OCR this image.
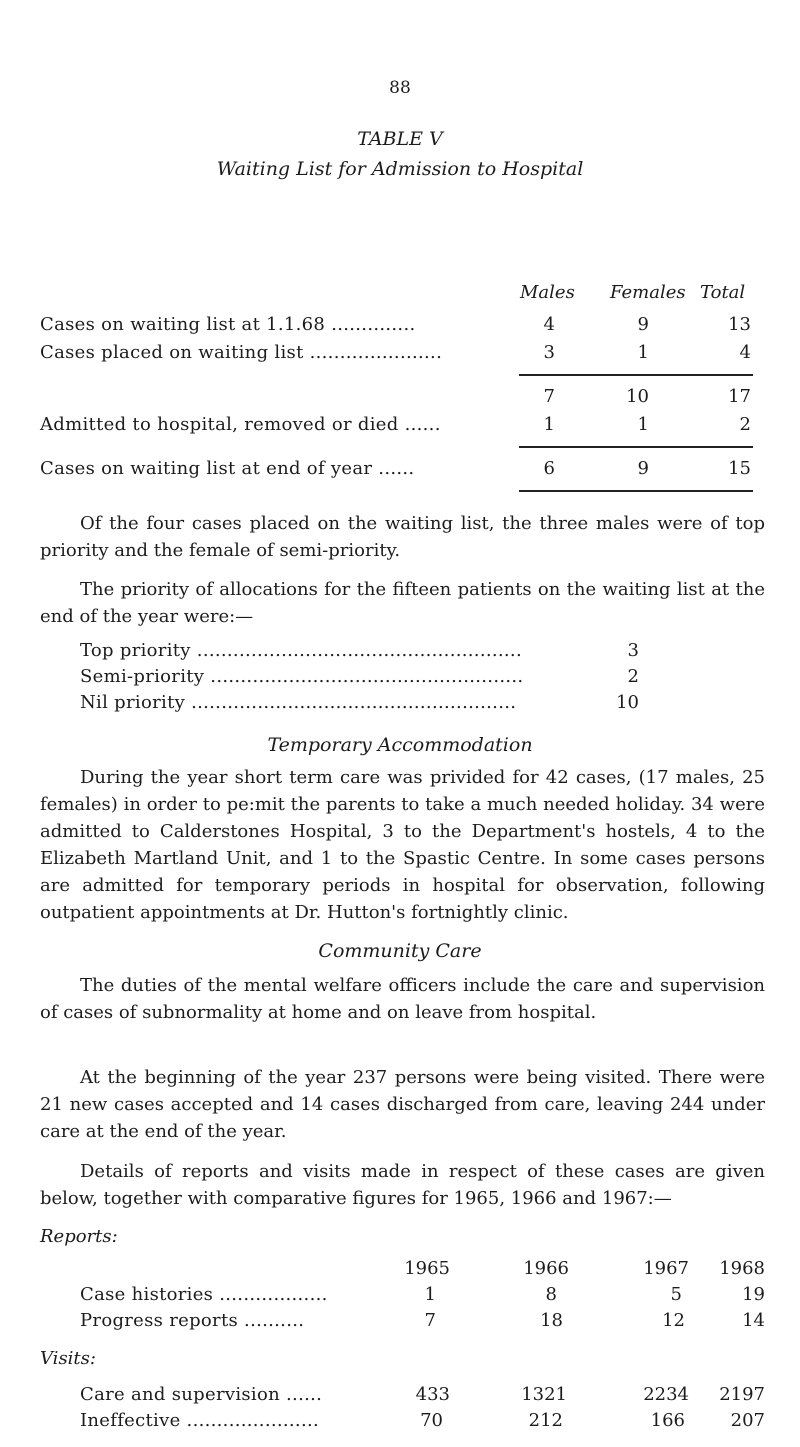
88
TABLE V
Waiting List for Admission to Hospital
Males Females Total
Cases on waiting list at 1.1.68 ..............	4	9	13
Cases placed on waiting list ......................	3	1	4
7	10	17
Admitted to hospital, removed or died ......	1	1	2
Cases on waiting list at end of year ......	6	9	15

Of the four cases placed on the waiting list, the three males were of top priority and the female of semi-priority.

The priority of allocations for the fifteen patients on the waiting list at the end of the year were:—

Top priority ......................................................	3
Semi-priority ....................................................	2
Nil priority ......................................................	10
Temporary Accommodation

During the year short term care was privided for 42 cases, (17 males, 25 females) in order to pe:mit the parents to take a much needed holiday. 34 were admitted to Calderstones Hospital, 3 to the Department's hostels, 4 to the Elizabeth Martland Unit, and 1 to the Spastic Centre. In some cases persons are admitted for temporary periods in hospital for observation, following outpatient appointments at Dr. Hutton's fortnightly clinic.

Community Care

The duties of the mental welfare officers include the care and supervision of cases of subnormality at home and on leave from hospital.

At the beginning of the year 237 persons were being visited. There were 21 new cases accepted and 14 cases discharged from care, leaving 244 under care at the end of the year.

Details of reports and visits made in respect of these cases are given below, together with comparative figures for 1965, 1966 and 1967:—

Reports:
1965	1966	1967	1968
Case histories ..................	1	8	5	19
Progress reports ..........	7	18	12	14
Visits:
Care and supervision ......	433	1321	2234	2197
Ineffective ......................	70	212	166	207
